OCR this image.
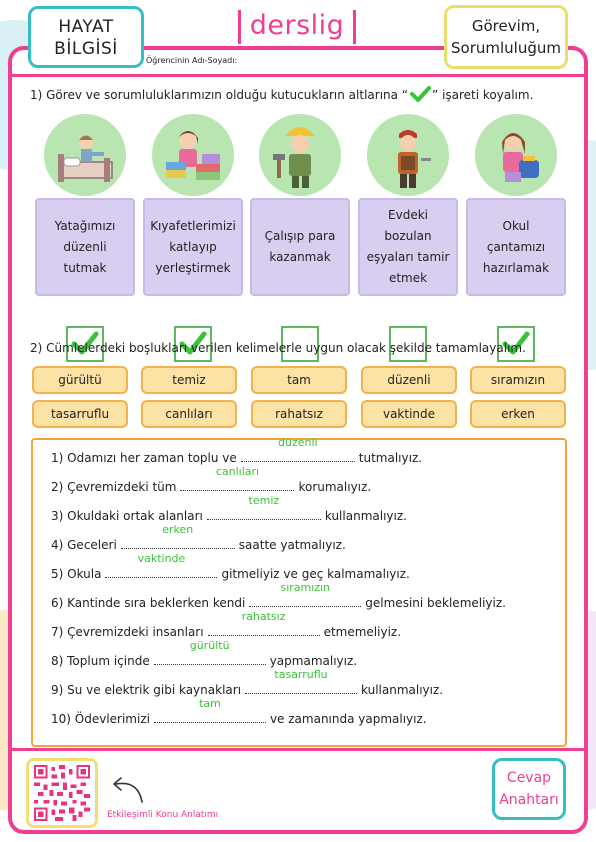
HAYAT
BİLGİSİ
derslig	Görevim,
Sorumluluğum
Öğrencinin Adı-Soyadı:
1) Görev ve sorumluluklarımızın olduğu kutucukların altlarına “ ” işareti koyalım.
Yatağımızı düzenli tutmak
Kıyafetlerimizi katlayıp yerleştirmek
Çalışıp para kazanmak
Evdeki bozulan eşyaları tamir etmek
Okul çantamızı hazırlamak
2) Cümlelerdeki boşlukları verilen kelimelerle uygun olacak şekilde tamamlayalım.
gürültü	temiz	tam	düzenli	sıramızın
tasarruflu	canlıları	rahatsız	vaktinde	erken
1) Odamızı her zaman toplu ve
düzenli
tutmalıyız.
2) Çevremizdeki tüm
canlıları
korumalıyız.
3) Okuldaki ortak alanları
temiz
kullanmalıyız.
4) Geceleri
erken
saatte yatmalıyız.
5) Okula
vaktinde
gitmeliyiz ve geç kalmamalıyız.
6) Kantinde sıra beklerken kendi
sıramızın
gelmesini beklemeliyiz.
7) Çevremizdeki insanları
rahatsız
etmemeliyiz.
8) Toplum içinde
gürültü
yapmamalıyız.
9) Su ve elektrik gibi kaynakları
tasarruflu
kullanmalıyız.
10) Ödevlerimizi
tam
ve zamanında yapmalıyız.
Etkileşimli Konu Anlatımı
Cevap
Anahtarı
